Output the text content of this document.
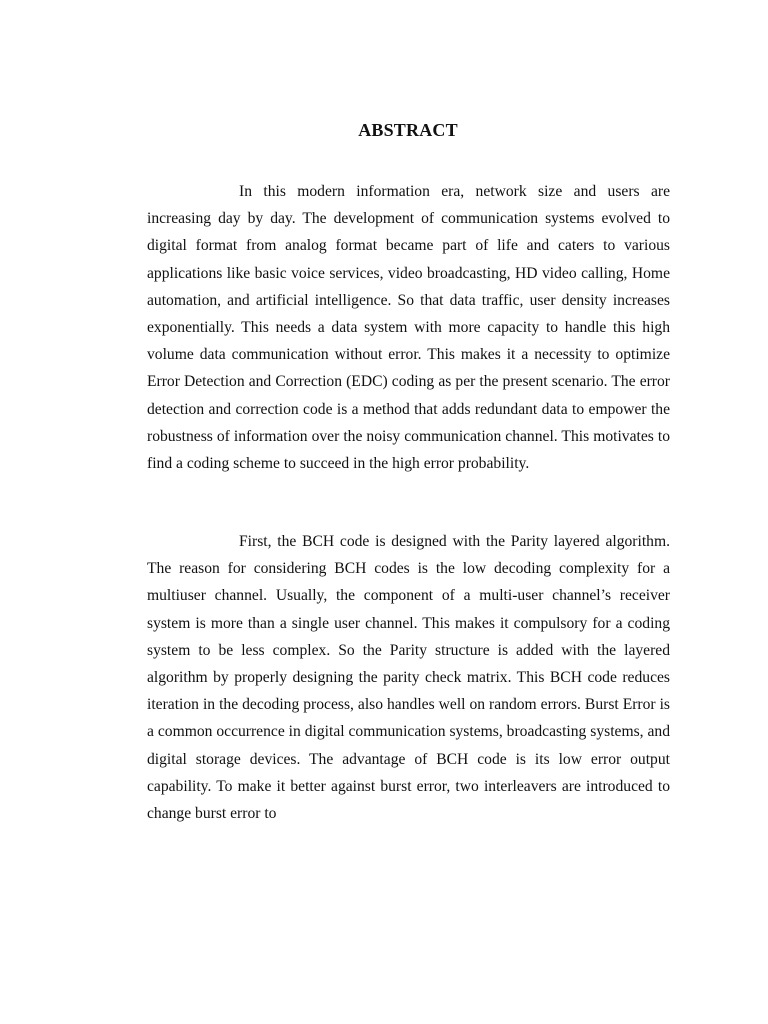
ABSTRACT

In this modern information era, network size and users are increasing day by day. The development of communication systems evolved to digital format from analog format became part of life and caters to various applications like basic voice services, video broadcasting, HD video calling, Home automation, and artificial intelligence. So that data traffic, user density increases exponentially. This needs a data system with more capacity to handle this high volume data communication without error. This makes it a necessity to optimize Error Detection and Correction (EDC) coding as per the present scenario. The error detection and correction code is a method that adds redundant data to empower the robustness of information over the noisy communication channel. This motivates to find a coding scheme to succeed in the high error probability.

First, the BCH code is designed with the Parity layered algorithm. The reason for considering BCH codes is the low decoding complexity for a multiuser channel. Usually, the component of a multi-user channel’s receiver system is more than a single user channel. This makes it compulsory for a coding system to be less complex. So the Parity structure is added with the layered algorithm by properly designing the parity check matrix. This BCH code reduces iteration in the decoding process, also handles well on random errors. Burst Error is a common occurrence in digital communication systems, broadcasting systems, and digital storage devices. The advantage of BCH code is its low error output capability. To make it better against burst error, two interleavers are introduced to change burst error to
